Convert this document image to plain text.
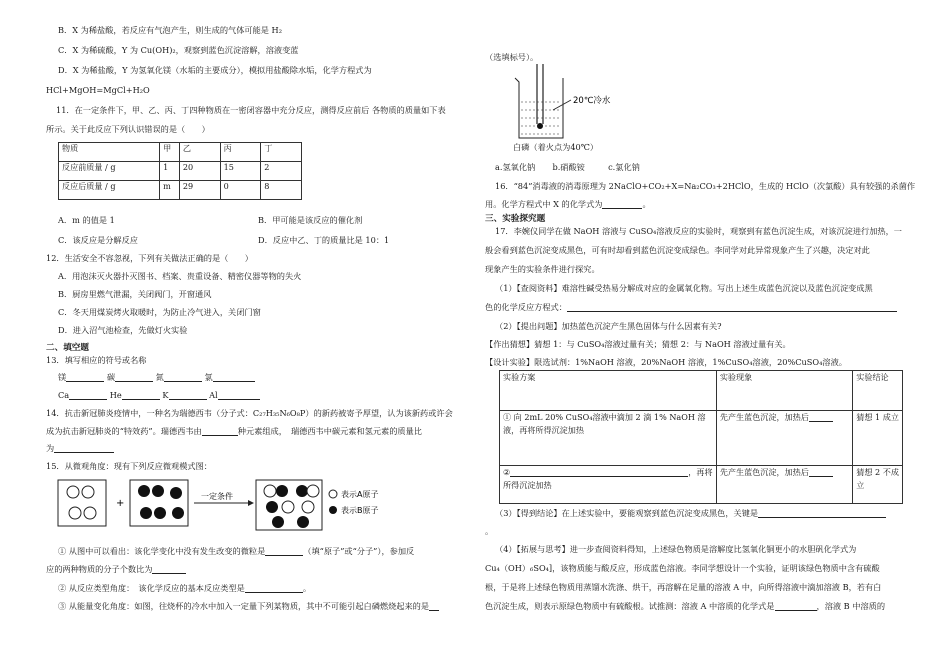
B．X 为稀盐酸，若反应有气泡产生，则生成的气体可能是 H₂
C．X 为稀硫酸，Y 为 Cu(OH)₂，观察到蓝色沉淀溶解，溶液变蓝
D．X 为稀盐酸，Y 为氢氧化镁（水垢的主要成分），模拟用盐酸除水垢，化学方程式为
HCl+MgOH=MgCl+H₂O
11．在一定条件下，甲、乙、丙、丁四种物质在一密闭容器中充分反应，测得反应前后 各物质的质量如下表
所示。关于此反应下列认识错误的是（　　）
物质	甲	乙	丙	丁
反应前质量 / g	1	20	15	2
反应后质量 / g	m	29	0	8
A．m 的值是 1	B．甲可能是该反应的催化剂
C．该反应是分解反应	D．反应中乙、丁的质量比是 10：1
12．生活安全不容忽视，下列有关做法正确的是（　　）
A．用泡沫灭火器扑灭图书、档案、贵重设备、精密仪器等物的失火
B．厨房里燃气泄漏，关闭阀门，开窗通风
C．冬天用煤炭烤火取暖时，为防止冷气进入，关闭门窗
D．进入沼气池检查，先做灯火实验
二、填空题
13．填写相应的符号或名称
镁	碳	氮	氯
Ca	He	K	Al
14．抗击新冠肺炎疫情中，一种名为瑞德西韦（分子式：C₂₇H₃₅N₆O₈P）的新药被寄予厚望，认为该新药或许会
成为抗击新冠肺炎的“特效药”。瑞德西韦由	种元素组成，　瑞德西韦中碳元素和氢元素的质量比
为
15．从微观角度：现有下列反应微观模式图：
+
一定条件	表示A原子
表示B原子
① 从图中可以看出：该化学变化中没有发生改变的微粒是	（填“原子”或“分子”），参加反
应的两种物质的分子个数比为
② 从反应类型角度：　该化学反应的基本反应类型是	。
③ 从能量变化角度：如图，往烧杯的冷水中加入一定量下列某物质，其中不可能引起白磷燃烧起来的是
（选填标号）。
20℃冷水
白磷（着火点为40℃）
a.氢氧化钠 b.硝酸铵	c.氯化钠
16．“84”消毒液的消毒原理为 2NaClO+CO₂+X=Na₂CO₃+2HClO，生成的 HClO（次氯酸）具有较强的杀菌作
用。化学方程式中 X 的化学式为	。
三、实验探究题
17．李婉仪同学在做 NaOH 溶液与 CuSO₄溶液反应的实验时，观察到有蓝色沉淀生成，对该沉淀进行加热，一
般会看到蓝色沉淀变成黑色，可有时却看到蓝色沉淀变成绿色。李同学对此异常现象产生了兴趣，决定对此
现象产生的实验条件进行探究。
（1）【查阅资料】难溶性碱受热易分解成对应的金属氧化物。写出上述生成蓝色沉淀以及蓝色沉淀变成黑
色的化学反应方程式：
（2）【提出问题】加热蓝色沉淀产生黑色固体与什么因素有关?
【作出猜想】猜想 1：与 CuSO₄溶液过量有关；猜想 2：与 NaOH 溶液过量有关。
【设计实验】限选试剂：1%NaOH 溶液，20%NaOH 溶液，1%CuSO₄溶液，20%CuSO₄溶液。
实验方案	实验现象	实验结论
① 向 2mL 20% CuSO₄溶液中滴加 2 滴 1% NaOH 溶液，再将所得沉淀加热	先产生蓝色沉淀，加热后	猜想 1 成立
② ，再将所得沉淀加热	先产生蓝色沉淀，加热后	猜想 2 不成立
（3）【得到结论】在上述实验中，要能观察到蓝色沉淀变成黑色，关键是
。
（4）【拓展与思考】进一步查阅资料得知，上述绿色物质是溶解度比氢氧化铜更小的水胆矾化学式为
Cu₄（OH）₆SO₄]，该物质能与酸反应，形成蓝色溶液。李同学想设计一个实验，证明该绿色物质中含有硫酸
根，于是将上述绿色物质用蒸馏水洗涤、烘干，再溶解在足量的溶液 A 中，向所得溶液中滴加溶液 B，若有白
色沉淀生成，则表示原绿色物质中有硫酸根。试推测：溶液 A 中溶质的化学式是	，溶液 B 中溶质的
